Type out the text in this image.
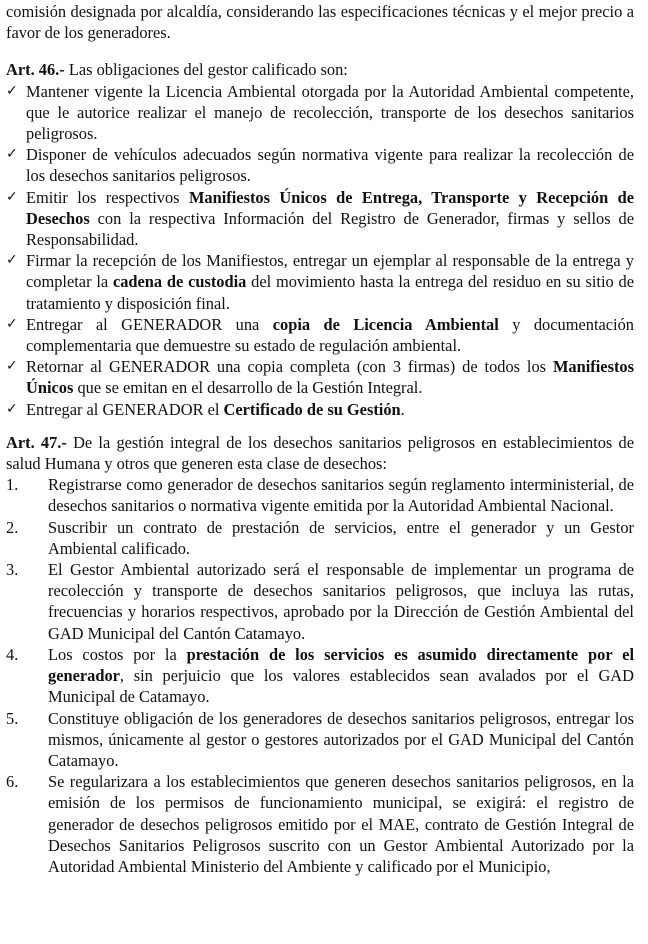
comisión designada por alcaldía, considerando las especificaciones técnicas y el mejor precio a favor de los generadores.

Art. 46.- Las obligaciones del gestor calificado son:

✓ Mantener vigente la Licencia Ambiental otorgada por la Autoridad Ambiental competente, que le autorice realizar el manejo de recolección, transporte de los desechos sanitarios peligrosos.
✓ Disponer de vehículos adecuados según normativa vigente para realizar la recolección de los desechos sanitarios peligrosos.
✓ Emitir los respectivos Manifiestos Únicos de Entrega, Transporte y Recepción de Desechos con la respectiva Información del Registro de Generador, firmas y sellos de Responsabilidad.
✓ Firmar la recepción de los Manifiestos, entregar un ejemplar al responsable de la entrega y completar la cadena de custodia del movimiento hasta la entrega del residuo en su sitio de tratamiento y disposición final.
✓ Entregar al GENERADOR una copia de Licencia Ambiental y documentación complementaria que demuestre su estado de regulación ambiental.
✓ Retornar al GENERADOR una copia completa (con 3 firmas) de todos los Manifiestos Únicos que se emitan en el desarrollo de la Gestión Integral.
✓ Entregar al GENERADOR el Certificado de su Gestión.

Art. 47.- De la gestión integral de los desechos sanitarios peligrosos en establecimientos de salud Humana y otros que generen esta clase de desechos:

1. Registrarse como generador de desechos sanitarios según reglamento interministerial, de desechos sanitarios o normativa vigente emitida por la Autoridad Ambiental Nacional.
2. Suscribir un contrato de prestación de servicios, entre el generador y un Gestor Ambiental calificado.
3. El Gestor Ambiental autorizado será el responsable de implementar un programa de recolección y transporte de desechos sanitarios peligrosos, que incluya las rutas, frecuencias y horarios respectivos, aprobado por la Dirección de Gestión Ambiental del GAD Municipal del Cantón Catamayo.
4. Los costos por la prestación de los servicios es asumido directamente por el generador, sin perjuicio que los valores establecidos sean avalados por el GAD Municipal de Catamayo.
5. Constituye obligación de los generadores de desechos sanitarios peligrosos, entregar los mismos, únicamente al gestor o gestores autorizados por el GAD Municipal del Cantón Catamayo.
6. Se regularizara a los establecimientos que generen desechos sanitarios peligrosos, en la emisión de los permisos de funcionamiento municipal, se exigirá: el registro de generador de desechos peligrosos emitido por el MAE, contrato de Gestión Integral de Desechos Sanitarios Peligrosos suscrito con un Gestor Ambiental Autorizado por la Autoridad Ambiental Ministerio del Ambiente y calificado por el Municipio,
